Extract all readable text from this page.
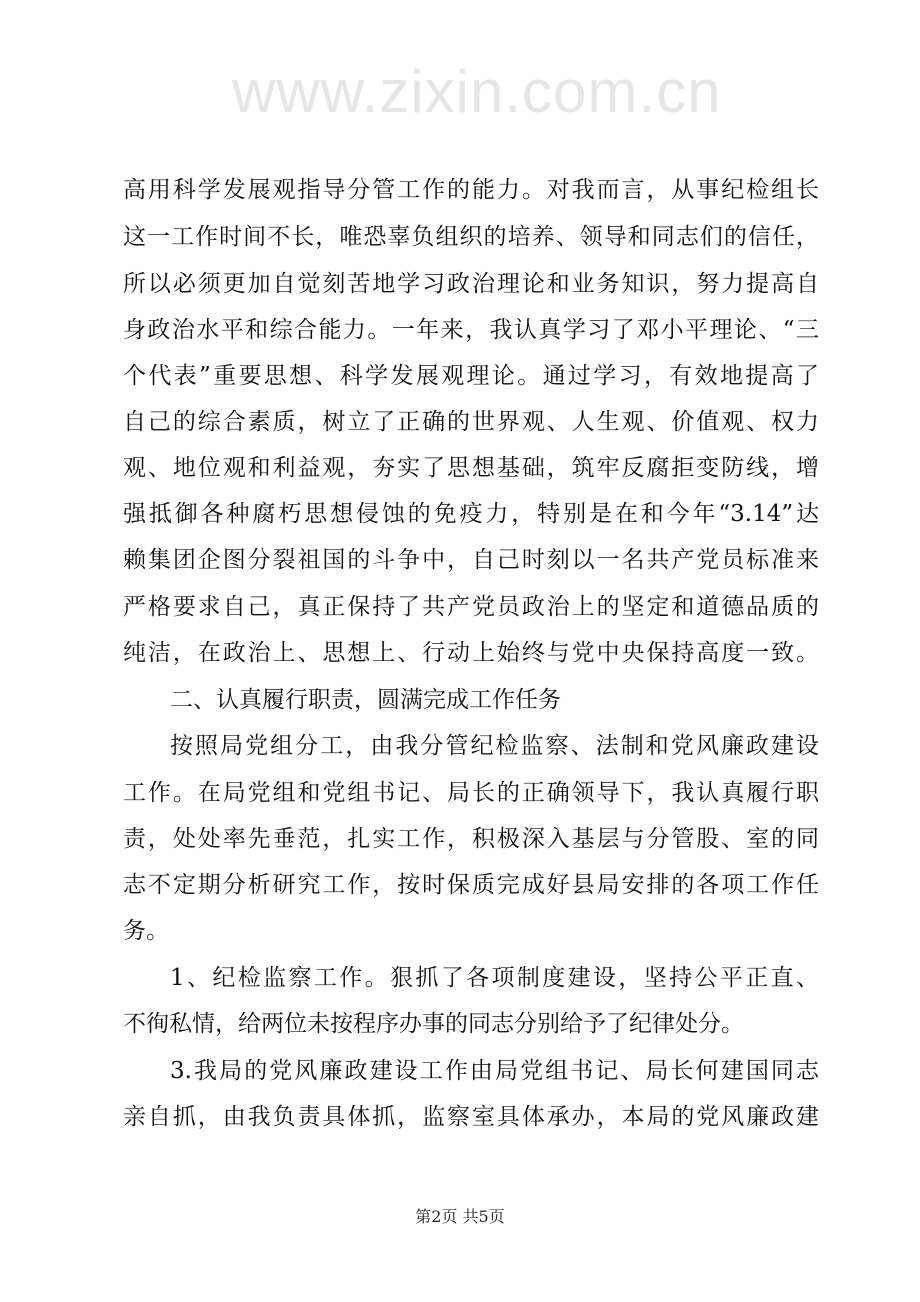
www.zixin.com.cn
高用科学发展观指导分管工作的能力。对我而言，从事纪检组长
这一工作时间不长，唯恐辜负组织的培养、领导和同志们的信任，
所以必须更加自觉刻苦地学习政治理论和业务知识，努力提高自
身政治水平和综合能力。一年来，我认真学习了邓小平理论、“三
个代表”重要思想、科学发展观理论。通过学习，有效地提高了
自己的综合素质，树立了正确的世界观、人生观、价值观、权力
观、地位观和利益观，夯实了思想基础，筑牢反腐拒变防线，增
强抵御各种腐朽思想侵蚀的免疫力，特别是在和今年“3.14”达
赖集团企图分裂祖国的斗争中，自己时刻以一名共产党员标准来
严格要求自己，真正保持了共产党员政治上的坚定和道德品质的
纯洁，在政治上、思想上、行动上始终与党中央保持高度一致。
二、认真履行职责，圆满完成工作任务
按照局党组分工，由我分管纪检监察、法制和党风廉政建设
工作。在局党组和党组书记、局长的正确领导下，我认真履行职
责，处处率先垂范，扎实工作，积极深入基层与分管股、室的同
志不定期分析研究工作，按时保质完成好县局安排的各项工作任
务。
1、纪检监察工作。狠抓了各项制度建设，坚持公平正直、
不徇私情，给两位未按程序办事的同志分别给予了纪律处分。
3.我局的党风廉政建设工作由局党组书记、局长何建国同志
亲自抓，由我负责具体抓，监察室具体承办，本局的党风廉政建
第2页 共5页
